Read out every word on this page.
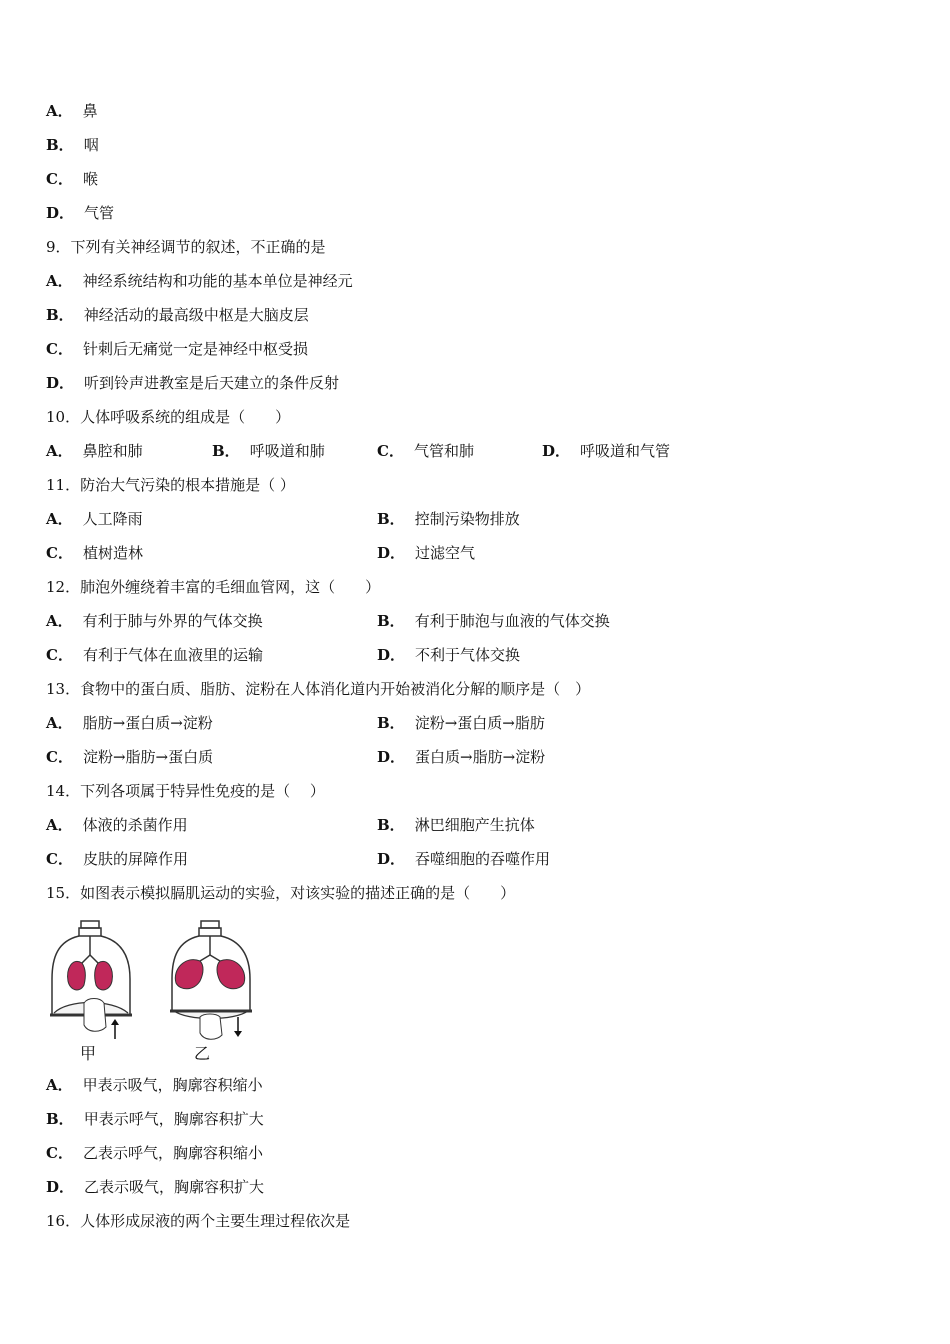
A． 鼻
B． 咽
C． 喉
D． 气管
9．下列有关神经调节的叙述，不正确的是
A． 神经系统结构和功能的基本单位是神经元
B． 神经活动的最高级中枢是大脑皮层
C． 针刺后无痛觉一定是神经中枢受损
D． 听到铃声进教室是后天建立的条件反射
10．人体呼吸系统的组成是（　　）
A． 鼻腔和肺	B． 呼吸道和肺	C． 气管和肺	D． 呼吸道和气管
11．防治大气污染的根本措施是（ ）
A． 人工降雨	B． 控制污染物排放
C． 植树造林	D． 过滤空气
12．肺泡外缠绕着丰富的毛细血管网，这（　　）
A． 有利于肺与外界的气体交换	B． 有利于肺泡与血液的气体交换
C． 有利于气体在血液里的运输	D． 不利于气体交换
13．食物中的蛋白质、脂肪、淀粉在人体消化道内开始被消化分解的顺序是（　）
A． 脂肪→蛋白质→淀粉	B． 淀粉→蛋白质→脂肪
C． 淀粉→脂肪→蛋白质	D． 蛋白质→脂肪→淀粉
14．下列各项属于特异性免疫的是（　 ）
A． 体液的杀菌作用	B． 淋巴细胞产生抗体
C． 皮肤的屏障作用	D． 吞噬细胞的吞噬作用
15．如图表示模拟膈肌运动的实验，对该实验的描述正确的是（　　）
甲	乙
A． 甲表示吸气，胸廓容积缩小
B． 甲表示呼气，胸廓容积扩大
C． 乙表示呼气，胸廓容积缩小
D． 乙表示吸气，胸廓容积扩大
16．人体形成尿液的两个主要生理过程依次是
